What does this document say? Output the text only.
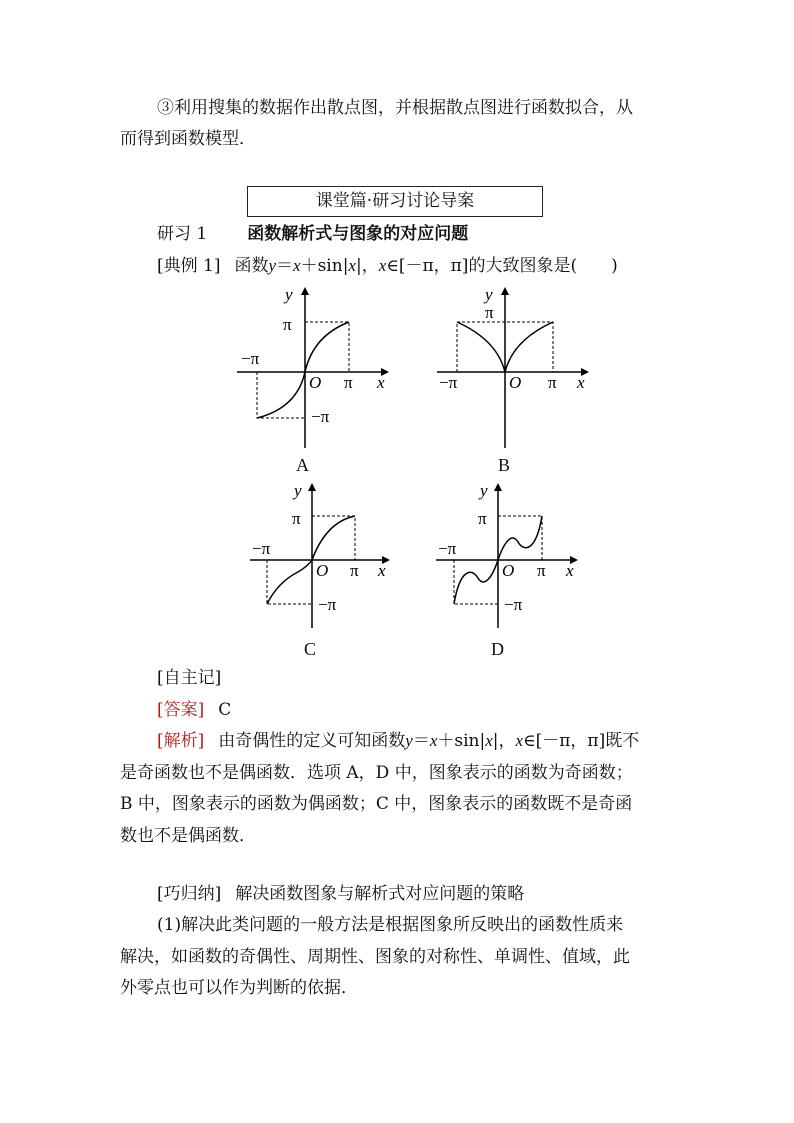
③利用搜集的数据作出散点图，并根据散点图进行函数拟合，从
而得到函数模型．
课堂篇·研习讨论导案
研习 1 函数解析式与图象的对应问题
[典例 1] 函数y＝x＋sin|x|，x∈[－π，π]的大致图象是(　　)
y
π
−π
O π x
−π
A
y
π
−π	O π x
B
y
π
−π
O π x
−π
C
y
π
−π
O π x
−π
D
[自主记]
[答案] C
[解析] 由奇偶性的定义可知函数y＝x＋sin|x|，x∈[－π，π]既不
是奇函数也不是偶函数．选项 A，D 中，图象表示的函数为奇函数；
B 中，图象表示的函数为偶函数；C 中，图象表示的函数既不是奇函
数也不是偶函数．
[巧归纳] 解决函数图象与解析式对应问题的策略
(1)解决此类问题的一般方法是根据图象所反映出的函数性质来
解决，如函数的奇偶性、周期性、图象的对称性、单调性、值域，此
外零点也可以作为判断的依据．
